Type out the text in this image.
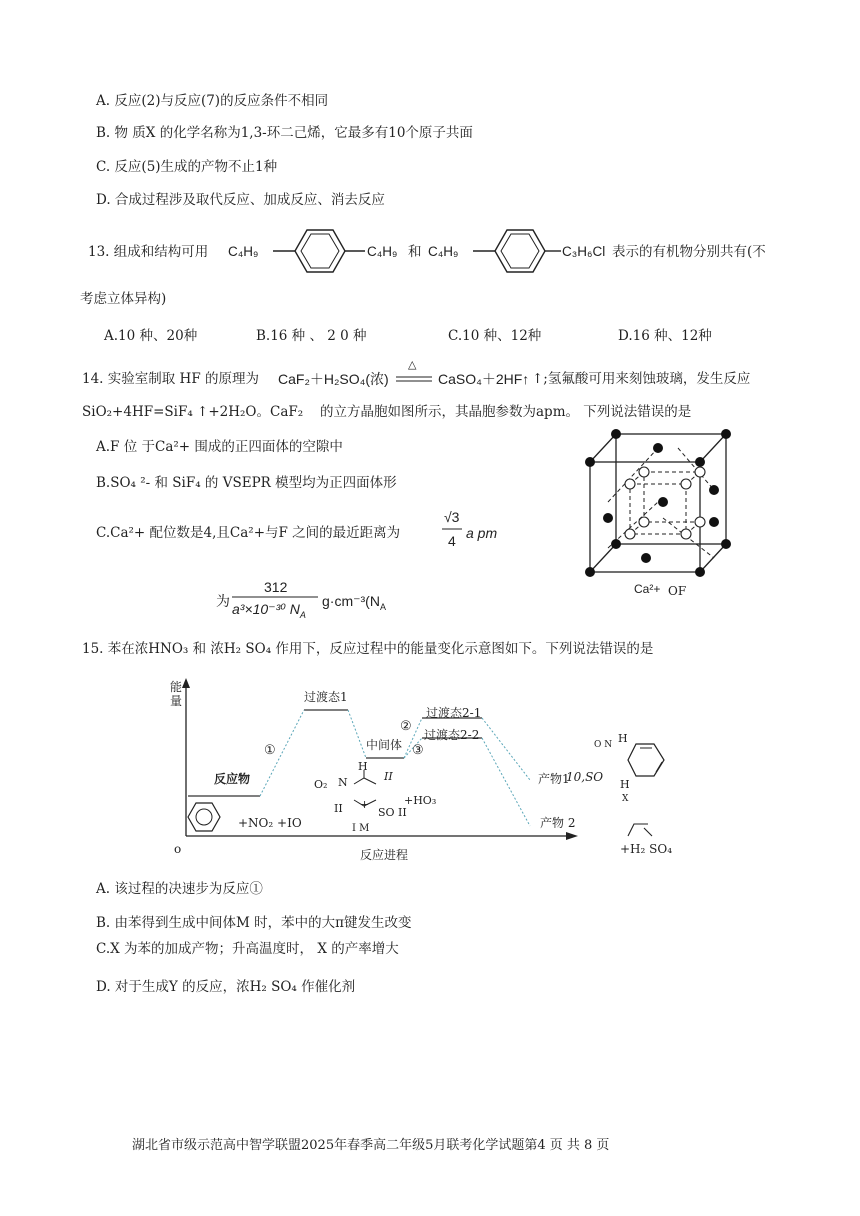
A. 反应(2)与反应(7)的反应条件不相同
B. 物 质X 的化学名称为1,3-环二己烯，它最多有10个原子共面
C. 反应(5)生成的产物不止1种
D. 合成过程涉及取代反应、加成反应、消去反应
13. 组成和结构可用 C₄H₉	C₄H₉ 和 C₄H₉	C₃H₆Cl 表示的有机物分别共有(不
考虑立体异构)
A.10 种、20种	B.16 种 、 2 0 种	C.10 种、12种	D.16 种、12种
14. 实验室制取 HF 的原理为 CaF₂＋H₂SO₄(浓)
△
CaSO₄＋2HF↑ ↑;氢氟酸可用来刻蚀玻璃，发生反应
SiO₂+4HF=SiF₄ ↑+2H₂O。CaF₂ 的立方晶胞如图所示，其晶胞参数为apm。 下列说法错误的是
A.F 位 于Ca²+ 围成的正四面体的空隙中
B.SO₄ ²- 和 SiF₄ 的 VSEPR 模型均为正四面体形
C.Ca²+ 配位数是4,且Ca²+与F 之间的最近距离为
√3
4 a pm
为
312
a³×10⁻³⁰ $N_A$
$g\cdot cm^{-3}(N_A$
Ca²+ OF
15. 苯在浓HNO₃ 和 浓H₂ SO₄ 作用下，反应过程中的能量变化示意图如下。下列说法错误的是
能
量
o	反应进程
反应物
过渡态1
中间体
过渡态2-1
过渡态2-2
①
②
③
+NO₂ +IO
O₂ N
H
II
II +
SO II
+HO₃
I M
产物1
10,SO
O N H
H
X
产物 2
+H₂ SO₄
A. 该过程的决速步为反应①
B. 由苯得到生成中间体M 时，苯中的大π键发生改变
C.X 为苯的加成产物；升高温度时， X 的产率增大
D. 对于生成Y 的反应，浓H₂ SO₄ 作催化剂
湖北省市级示范高中智学联盟2025年春季高二年级5月联考化学试题第4 页 共 8 页
